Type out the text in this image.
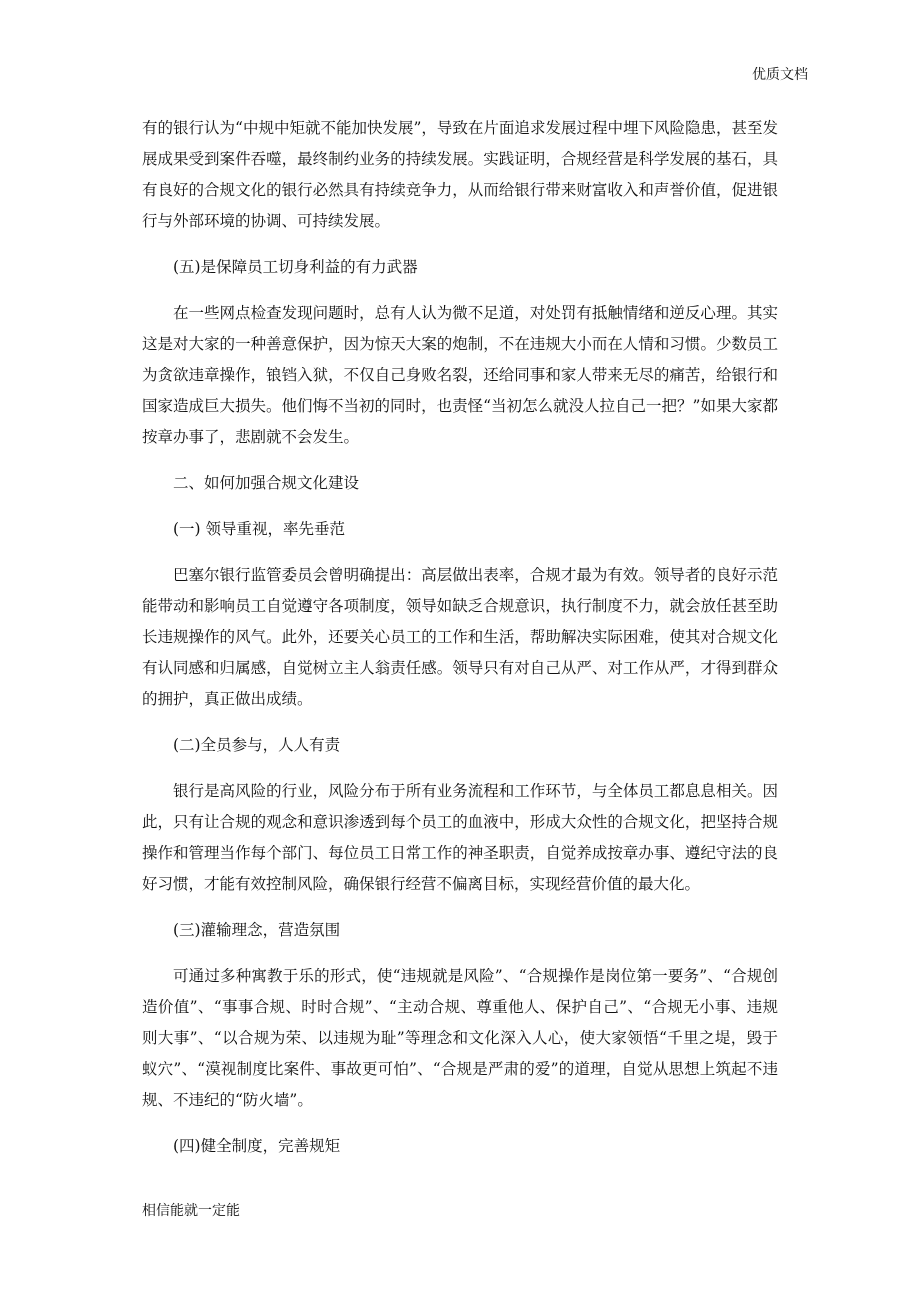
优质文档

有的银行认为“中规中矩就不能加快发展”，导致在片面追求发展过程中埋下风险隐患，甚至发展成果受到案件吞噬，最终制约业务的持续发展。实践证明，合规经营是科学发展的基石，具有良好的合规文化的银行必然具有持续竞争力，从而给银行带来财富收入和声誉价值，促进银行与外部环境的协调、可持续发展。

(五)是保障员工切身利益的有力武器

在一些网点检查发现问题时，总有人认为微不足道，对处罚有抵触情绪和逆反心理。其实这是对大家的一种善意保护，因为惊天大案的炮制，不在违规大小而在人情和习惯。少数员工为贪欲违章操作，锒铛入狱，不仅自己身败名裂，还给同事和家人带来无尽的痛苦，给银行和国家造成巨大损失。他们悔不当初的同时，也责怪“当初怎么就没人拉自己一把？”如果大家都按章办事了，悲剧就不会发生。

二、如何加强合规文化建设

(一) 领导重视，率先垂范

巴塞尔银行监管委员会曾明确提出：高层做出表率，合规才最为有效。领导者的良好示范能带动和影响员工自觉遵守各项制度，领导如缺乏合规意识，执行制度不力，就会放任甚至助长违规操作的风气。此外，还要关心员工的工作和生活，帮助解决实际困难，使其对合规文化有认同感和归属感，自觉树立主人翁责任感。领导只有对自己从严、对工作从严，才得到群众的拥护，真正做出成绩。

(二)全员参与，人人有责

银行是高风险的行业，风险分布于所有业务流程和工作环节，与全体员工都息息相关。因此，只有让合规的观念和意识渗透到每个员工的血液中，形成大众性的合规文化，把坚持合规操作和管理当作每个部门、每位员工日常工作的神圣职责，自觉养成按章办事、遵纪守法的良好习惯，才能有效控制风险，确保银行经营不偏离目标，实现经营价值的最大化。

(三)灌输理念，营造氛围

可通过多种寓教于乐的形式，使“违规就是风险”、“合规操作是岗位第一要务”、“合规创造价值”、“事事合规、时时合规”、“主动合规、尊重他人、保护自己”、“合规无小事、违规则大事”、“以合规为荣、以违规为耻”等理念和文化深入人心，使大家领悟“千里之堤，毁于蚁穴”、“漠视制度比案件、事故更可怕”、“合规是严肃的爱”的道理，自觉从思想上筑起不违规、不违纪的“防火墙”。

(四)健全制度，完善规矩

相信能就一定能
